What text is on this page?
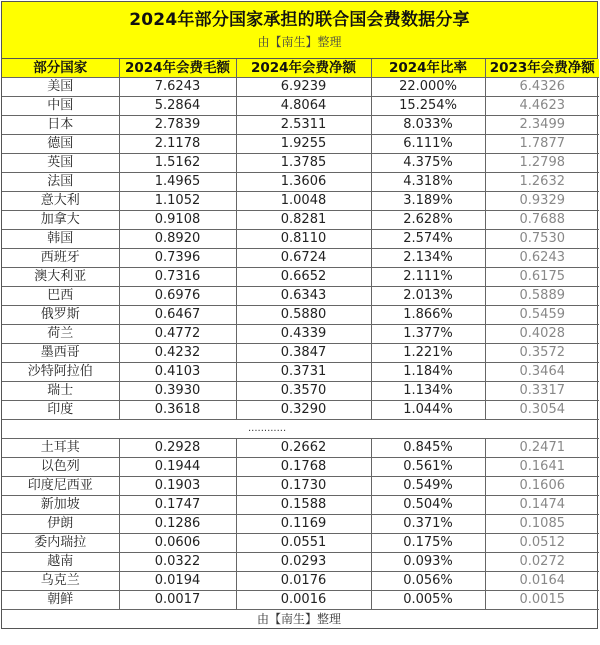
2024年部分国家承担的联合国会费数据分享
由【南生】整理
部分国家	2024年会费毛额	2024年会费净额	2024年比率	2023年会费净额
美国	7.6243	6.9239	22.000%	6.4326
中国	5.2864	4.8064	15.254%	4.4623
日本	2.7839	2.5311	8.033%	2.3499
德国	2.1178	1.9255	6.111%	1.7877
英国	1.5162	1.3785	4.375%	1.2798
法国	1.4965	1.3606	4.318%	1.2632
意大利	1.1052	1.0048	3.189%	0.9329
加拿大	0.9108	0.8281	2.628%	0.7688
韩国	0.8920	0.8110	2.574%	0.7530
西班牙	0.7396	0.6724	2.134%	0.6243
澳大利亚	0.7316	0.6652	2.111%	0.6175
巴西	0.6976	0.6343	2.013%	0.5889
俄罗斯	0.6467	0.5880	1.866%	0.5459
荷兰	0.4772	0.4339	1.377%	0.4028
墨西哥	0.4232	0.3847	1.221%	0.3572
沙特阿拉伯	0.4103	0.3731	1.184%	0.3464
瑞士	0.3930	0.3570	1.134%	0.3317
印度	0.3618	0.3290	1.044%	0.3054
............				
土耳其	0.2928	0.2662	0.845%	0.2471
以色列	0.1944	0.1768	0.561%	0.1641
印度尼西亚	0.1903	0.1730	0.549%	0.1606
新加坡	0.1747	0.1588	0.504%	0.1474
伊朗	0.1286	0.1169	0.371%	0.1085
委内瑞拉	0.0606	0.0551	0.175%	0.0512
越南	0.0322	0.0293	0.093%	0.0272
乌克兰	0.0194	0.0176	0.056%	0.0164
朝鲜	0.0017	0.0016	0.005%	0.0015
由【南生】整理				
